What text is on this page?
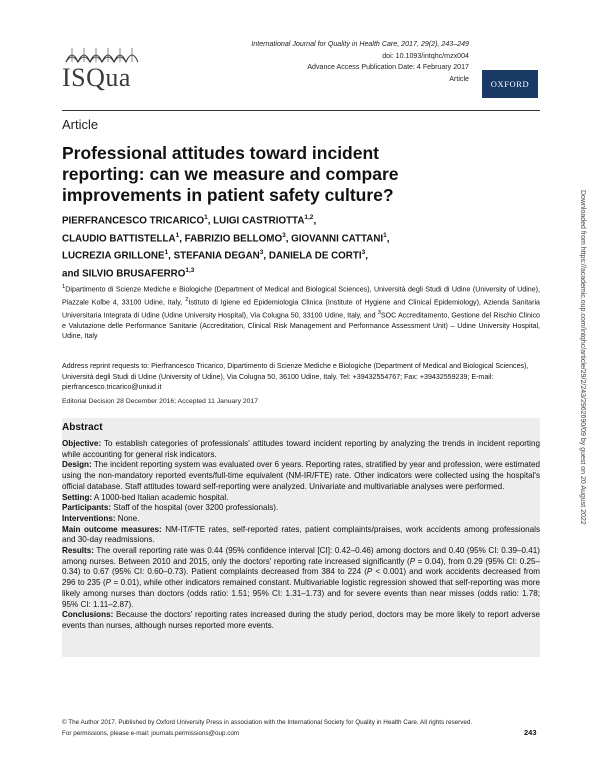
ISQua
International Journal for Quality in Health Care, 2017, 29(2), 243–249
doi: 10.1093/intqhc/mzx004
Advance Access Publication Date: 4 February 2017
Article
OXFORD
Article
Professional attitudes toward incident reporting: can we measure and compare improvements in patient safety culture?
PIERFRANCESCO TRICARICO$^1$, LUIGI CASTRIOTTA$^{1,2}$,
CLAUDIO BATTISTELLA$^1$, FABRIZIO BELLOMO$^3$, GIOVANNI CATTANI$^1$,
LUCREZIA GRILLONE$^1$, STEFANIA DEGAN$^3$, DANIELA DE CORTI$^3$,
and SILVIO BRUSAFERRO$^{1,3}$
$^1$Dipartimento di Scienze Mediche e Biologiche (Department of Medical and Biological Sciences), Università degli Studi di Udine (University of Udine), Piazzale Kolbe 4, 33100 Udine, Italy, $^2$Istituto di Igiene ed Epidemiologia Clinica (Institute of Hygiene and Clinical Epidemiology), Azienda Sanitaria Universitaria Integrata di Udine (Udine University Hospital), Via Colugna 50, 33100 Udine, Italy, and $^3$SOC Accreditamento, Gestione del Rischio Clinico e Valutazione delle Performance Sanitarie (Accreditation, Clinical Risk Management and Performance Assessment Unit) – Udine University Hospital, Udine, Italy
Address reprint requests to: Pierfrancesco Tricarico, Dipartimento di Scienze Mediche e Biologiche (Department of Medical and Biological Sciences), Università degli Studi di Udine (University of Udine), Via Colugna 50, 36100 Udine, Italy. Tel: +39432554767; Fax: +39432559239; E-mail: pierfrancesco.tricarico@uniud.it
Editorial Decision 28 December 2016; Accepted 11 January 2017
Abstract

Objective: To establish categories of professionals' attitudes toward incident reporting by analyzing the trends in incident reporting while accounting for general risk indicators.

Design: The incident reporting system was evaluated over 6 years. Reporting rates, stratified by year and profession, were estimated using the non-mandatory reported events/full-time equivalent (NM-IR/FTE) rate. Other indicators were collected using the hospital's official database. Staff attitudes toward self-reporting were analyzed. Univariate and multivariable analyses were performed.

Setting: A 1000-bed Italian academic hospital.

Participants: Staff of the hospital (over 3200 professionals).

Interventions: None.

Main outcome measures: NM-IT/FTE rates, self-reported rates, patient complaints/praises, work accidents among professionals and 30-day readmissions.

Results: The overall reporting rate was 0.44 (95% confidence interval [CI]: 0.42–0.46) among doctors and 0.40 (95% CI: 0.39–0.41) among nurses. Between 2010 and 2015, only the doctors' reporting rate increased significantly (P = 0.04), from 0.29 (95% CI: 0.25–0.34) to 0.67 (95% CI: 0.60–0.73). Patient complaints decreased from 384 to 224 (P < 0.001) and work accidents decreased from 296 to 235 (P = 0.01), while other indicators remained constant. Multivariable logistic regression showed that self-reporting was more likely among nurses than doctors (odds ratio: 1.51; 95% CI: 1.31–1.73) and for severe events than near misses (odds ratio: 1.78; 95% CI: 1.11–2.87).

Conclusions: Because the doctors' reporting rates increased during the study period, doctors may be more likely to report adverse events than nurses, although nurses reported more events.

© The Author 2017. Published by Oxford University Press in association with the International Society for Quality in Health Care. All rights reserved.
For permissions, please e-mail: journals.permissions@oup.com	243
Downloaded from https://academic.oup.com/intqhc/article/29/2/243/2962690/09 by guest on 20 August 2022
